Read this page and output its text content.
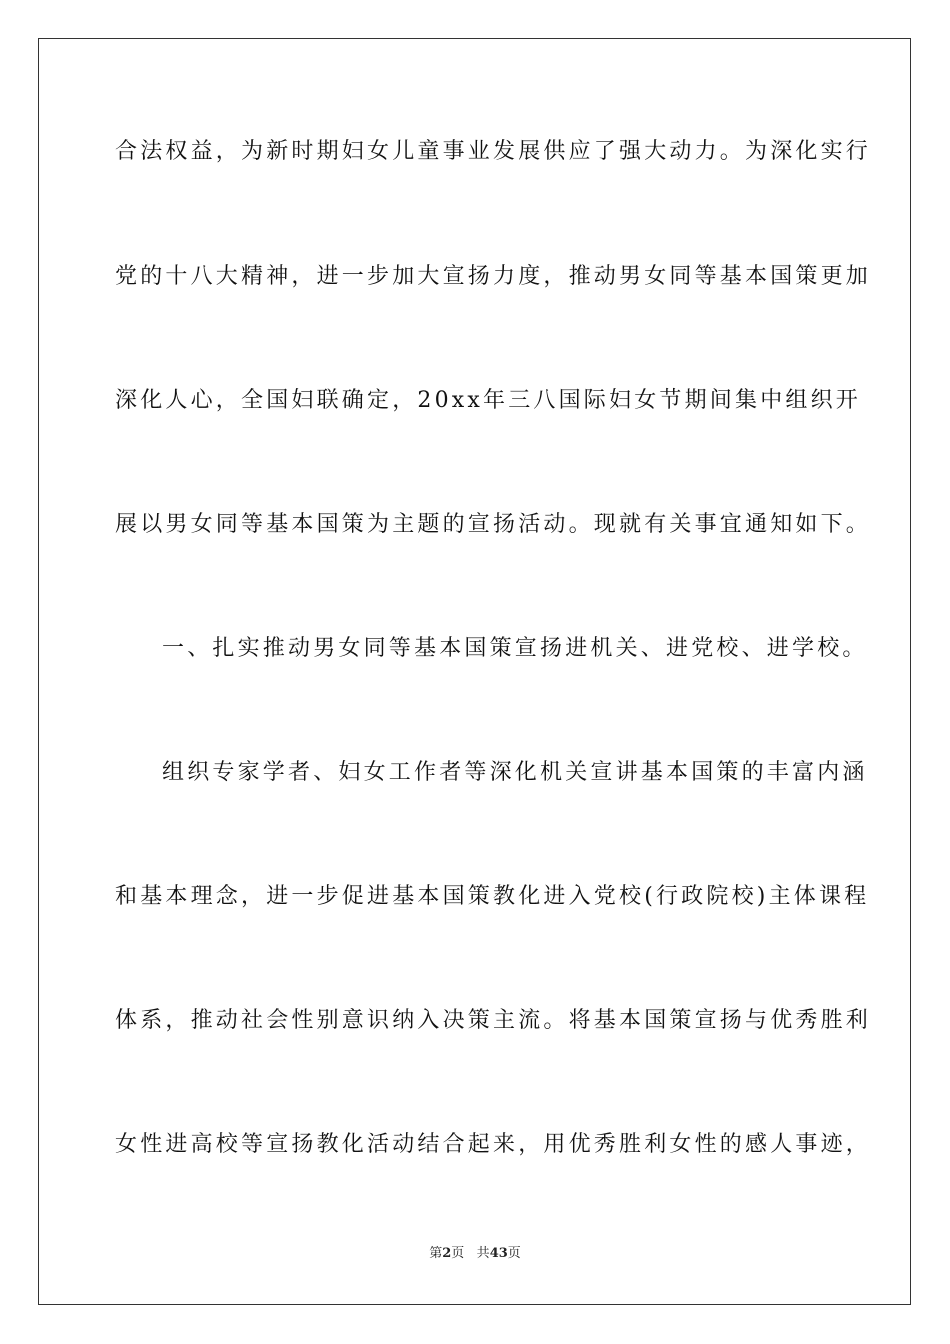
合法权益，为新时期妇女儿童事业发展供应了强大动力。为深化实行
党的十八大精神，进一步加大宣扬力度，推动男女同等基本国策更加
深化人心，全国妇联确定，20xx年三八国际妇女节期间集中组织开
展以男女同等基本国策为主题的宣扬活动。现就有关事宜通知如下。
一、扎实推动男女同等基本国策宣扬进机关、进党校、进学校。
组织专家学者、妇女工作者等深化机关宣讲基本国策的丰富内涵
和基本理念，进一步促进基本国策教化进入党校(行政院校)主体课程
体系，推动社会性别意识纳入决策主流。将基本国策宣扬与优秀胜利
女性进高校等宣扬教化活动结合起来，用优秀胜利女性的感人事迹，
第2页 共43页
